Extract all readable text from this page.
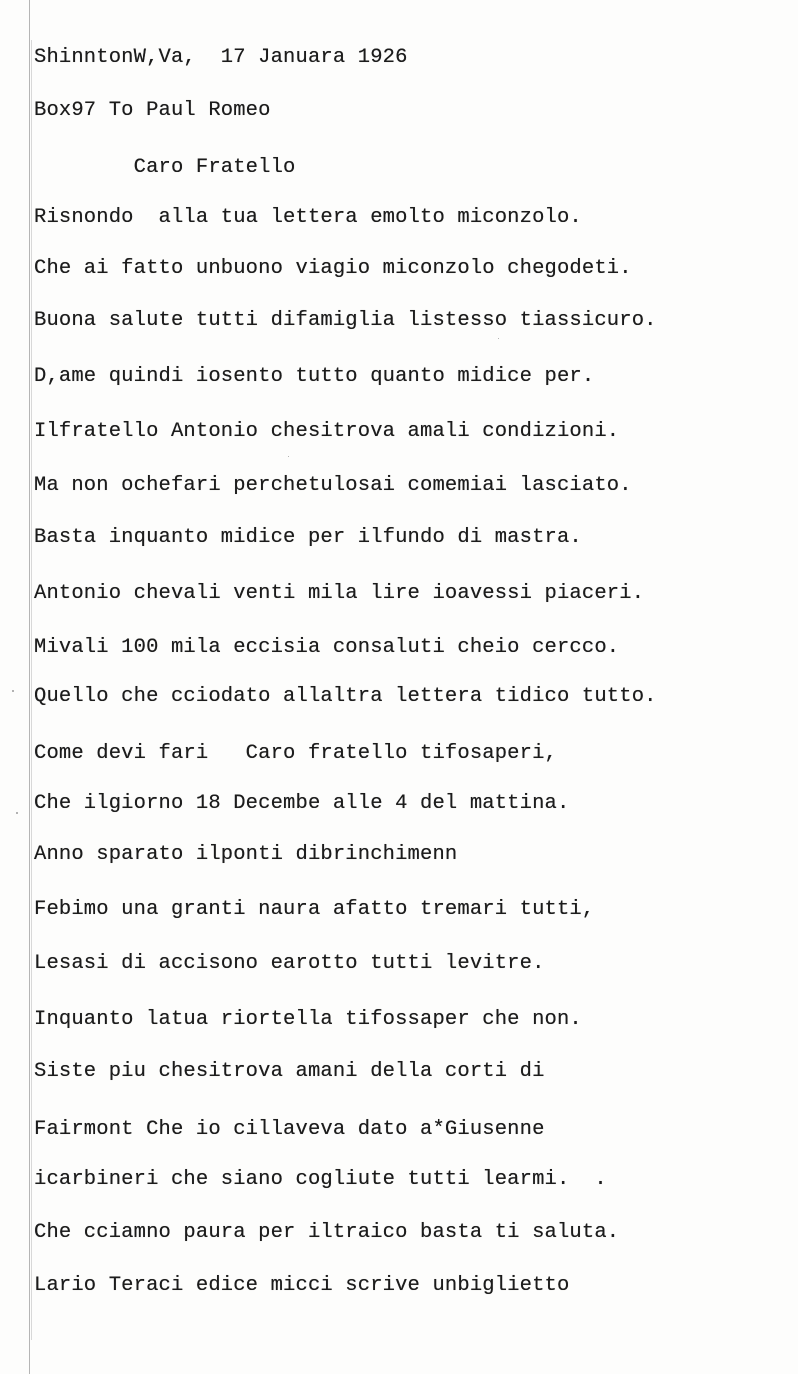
ShinntonW,Va,  17 Januara 1926

Box97 To Paul Romeo

Caro Fratello

Risnondo  alla tua lettera emolto miconzolo.

Che ai fatto unbuono viagio miconzolo chegodeti.

Buona salute tutti difamiglia listesso tiassicuro.

D,ame quindi iosento tutto quanto midice per.

Ilfratello Antonio chesitrova amali condizioni.

Ma non ochefari perchetulosai comemiai lasciato.

Basta inquanto midice per ilfundo di mastra.

Antonio chevali venti mila lire ioavessi piaceri.

Mivali 100 mila eccisia consaluti cheio cercco.

Quello che cciodato allaltra lettera tidico tutto.

Come devi fari   Caro fratello tifosaperi,

Che ilgiorno 18 Decembe alle 4 del mattina.

Anno sparato ilponti dibrinchimenn

Febimo una granti naura afatto tremari tutti,

Lesasi di accisono earotto tutti levitre.

Inquanto latua riortella tifossaper che non.

Siste piu chesitrova amani della corti di

Fairmont Che io cillaveva dato a*Giusenne

icarbineri che siano cogliute tutti learmi.  .

Che cciamno paura per iltraico basta ti saluta.

Lario Teraci edice micci scrive unbiglietto
